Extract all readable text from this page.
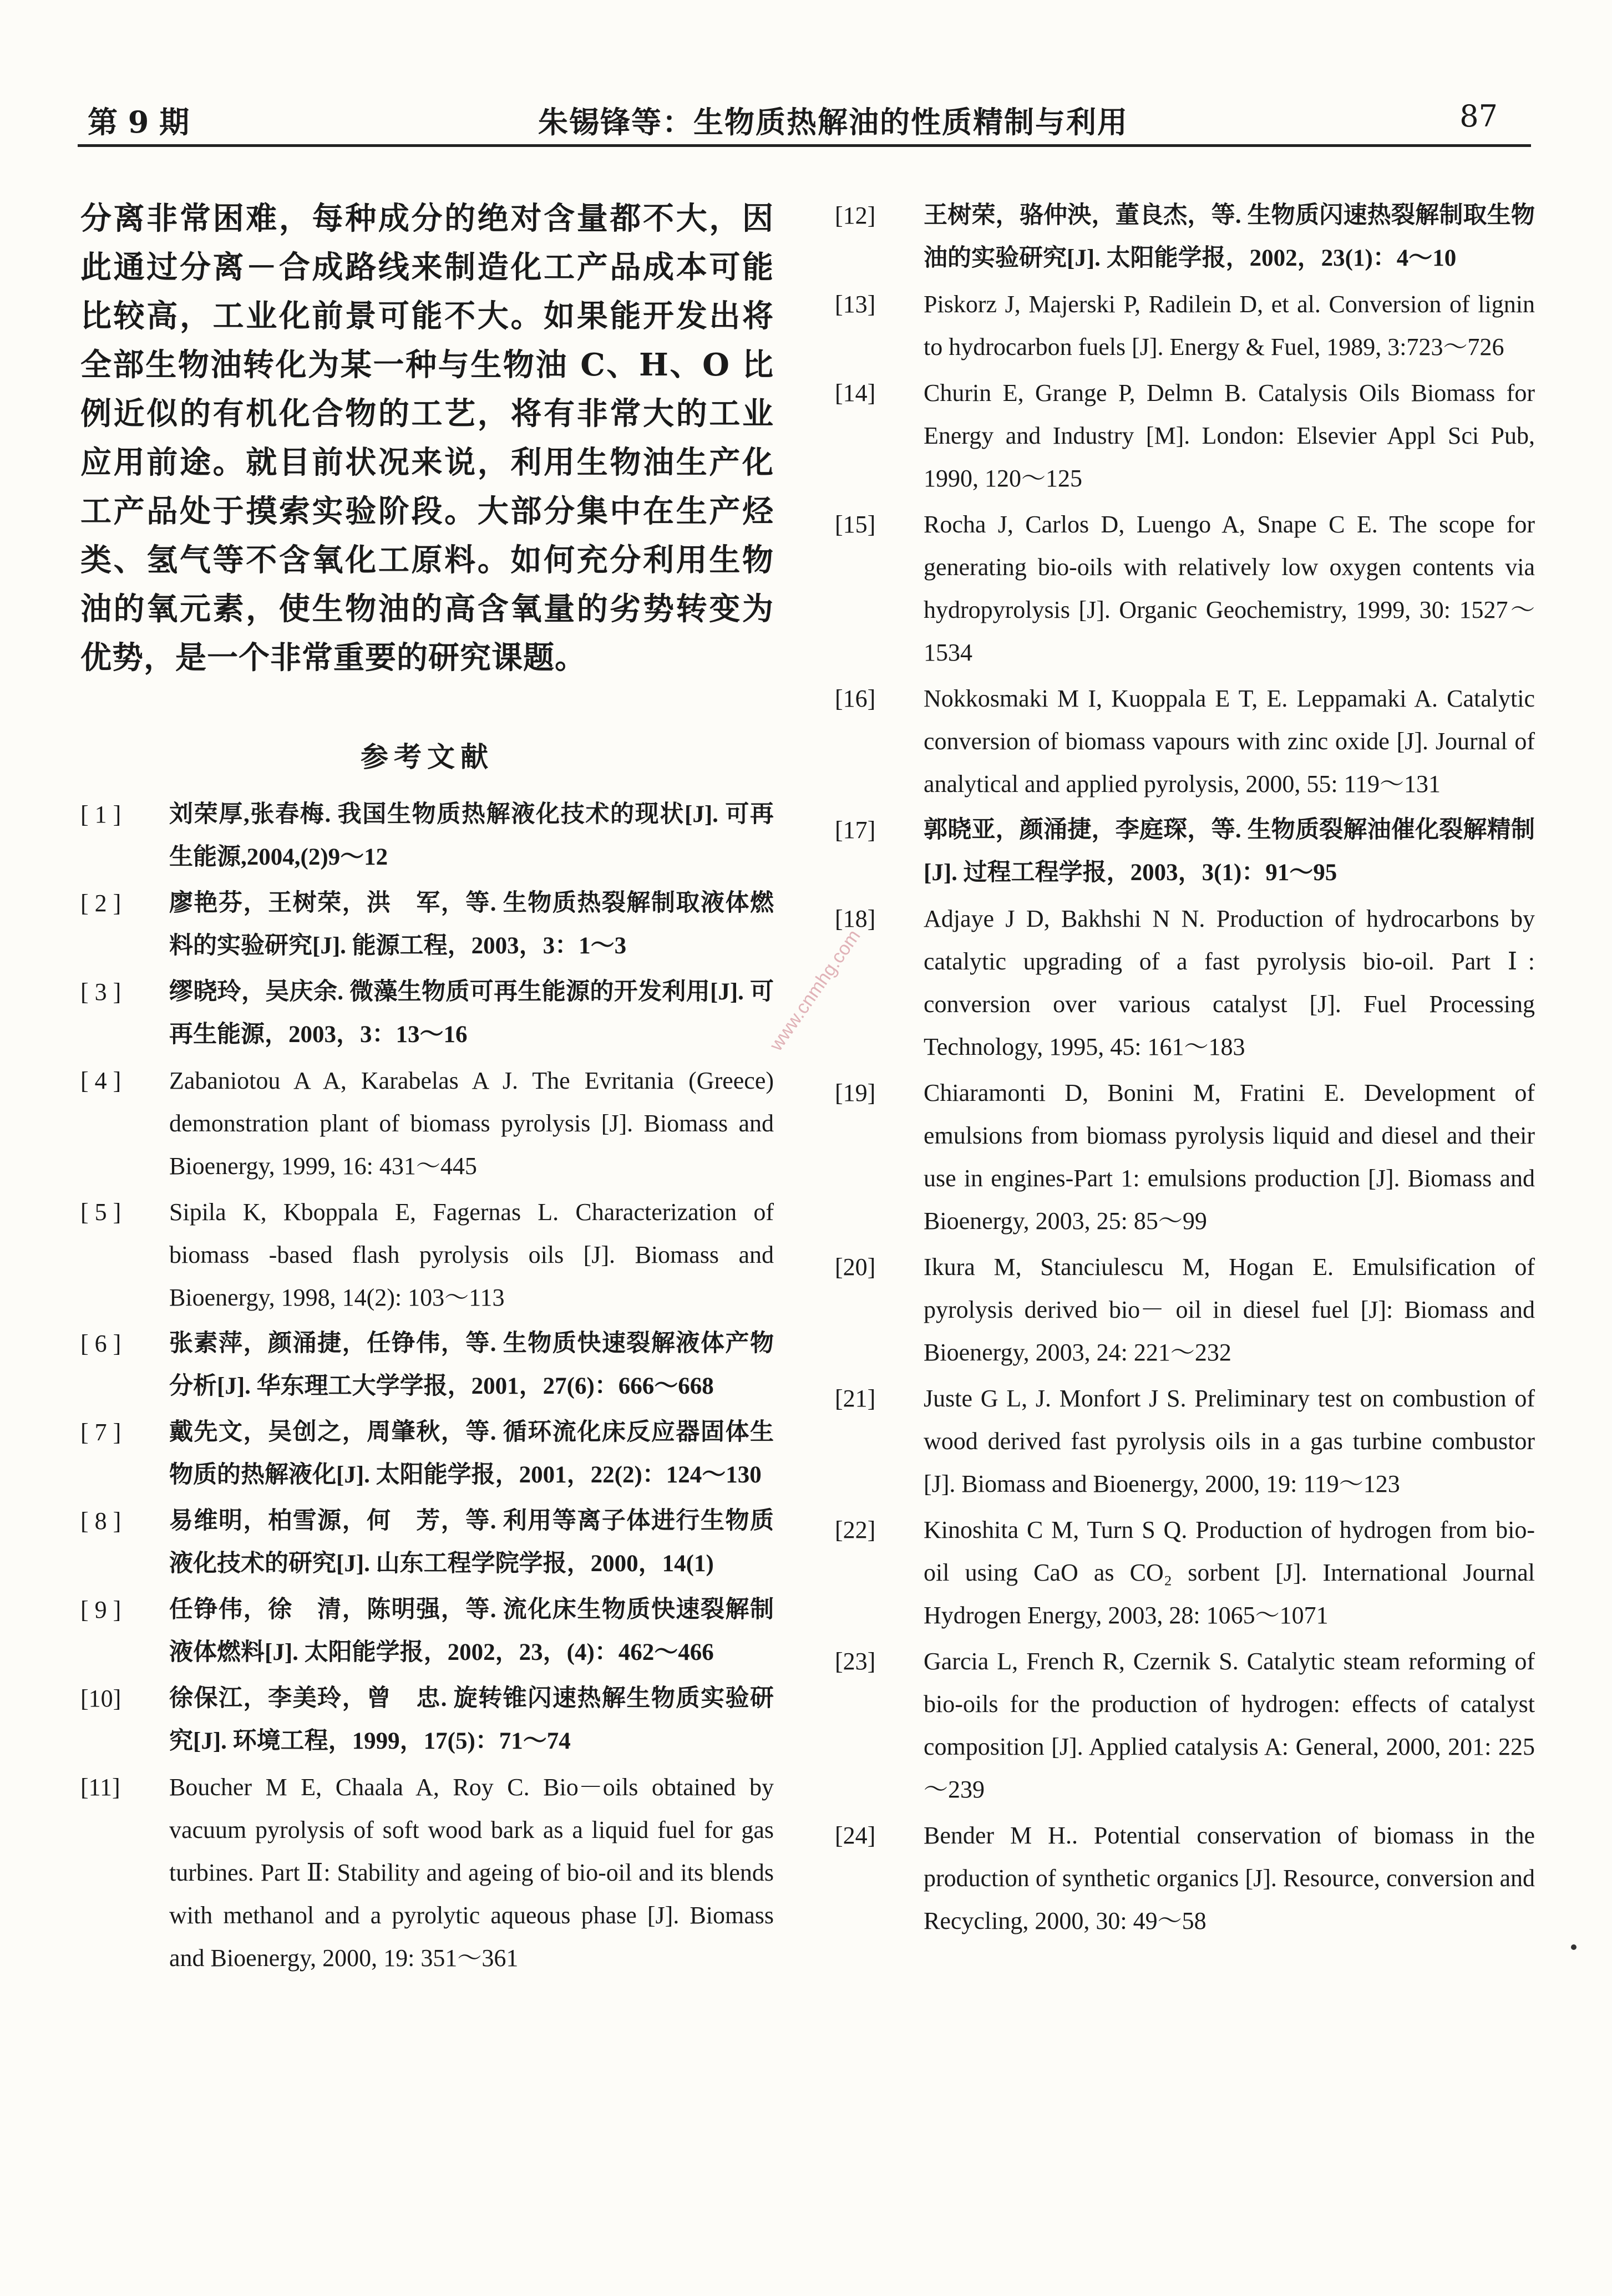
第 9 期	朱锡锋等：生物质热解油的性质精制与利用	87

分离非常困难，每种成分的绝对含量都不大，因此通过分离－合成路线来制造化工产品成本可能比较高，工业化前景可能不大。如果能开发出将全部生物油转化为某一种与生物油 C、H、O 比例近似的有机化合物的工艺，将有非常大的工业应用前途。就目前状况来说，利用生物油生产化工产品处于摸索实验阶段。大部分集中在生产烃类、氢气等不含氧化工原料。如何充分利用生物油的氧元素，使生物油的高含氧量的劣势转变为优势，是一个非常重要的研究课题。

参考文献
[ 1 ]	刘荣厚,张春梅. 我国生物质热解液化技术的现状[J]. 可再生能源,2004,(2)9～12
[ 2 ]	廖艳芬，王树荣，洪　军，等. 生物质热裂解制取液体燃料的实验研究[J]. 能源工程，2003，3：1～3
[ 3 ]	缪晓玲，吴庆余. 微藻生物质可再生能源的开发利用[J]. 可再生能源，2003，3：13～16
[ 4 ]	Zabaniotou A A, Karabelas A J. The Evritania (Greece) demonstration plant of biomass pyrolysis [J]. Biomass and Bioenergy, 1999, 16: 431～445
[ 5 ]	Sipila K, Kboppala E, Fagernas L. Characterization of biomass -based flash pyrolysis oils [J]. Biomass and Bioenergy, 1998, 14(2): 103～113
[ 6 ]	张素萍，颜涌捷，任铮伟，等. 生物质快速裂解液体产物分析[J]. 华东理工大学学报，2001，27(6)：666～668
[ 7 ]	戴先文，吴创之，周肇秋，等. 循环流化床反应器固体生物质的热解液化[J]. 太阳能学报，2001，22(2)：124～130
[ 8 ]	易维明，柏雪源，何　芳，等. 利用等离子体进行生物质液化技术的研究[J]. 山东工程学院学报，2000，14(1)
[ 9 ]	任铮伟，徐　清，陈明强，等. 流化床生物质快速裂解制液体燃料[J]. 太阳能学报，2002，23，(4)：462～466
[10]	徐保江，李美玲，曾　忠. 旋转锥闪速热解生物质实验研究[J]. 环境工程，1999，17(5)：71～74
[11]	Boucher M E, Chaala A, Roy C. Bio－oils obtained by vacuum pyrolysis of soft wood bark as a liquid fuel for gas turbines. Part Ⅱ: Stability and ageing of bio-oil and its blends with methanol and a pyrolytic aqueous phase [J]. Biomass and Bioenergy, 2000, 19: 351～361
[12]	王树荣，骆仲泱，董良杰，等. 生物质闪速热裂解制取生物油的实验研究[J]. 太阳能学报，2002，23(1)：4～10
[13]	Piskorz J, Majerski P, Radilein D, et al. Conversion of lignin to hydrocarbon fuels [J]. Energy & Fuel, 1989, 3:723～726
[14]	Churin E, Grange P, Delmn B. Catalysis Oils Biomass for Energy and Industry [M]. London: Elsevier Appl Sci Pub, 1990, 120～125
[15]	Rocha J, Carlos D, Luengo A, Snape C E. The scope for generating bio-oils with relatively low oxygen contents via hydropyrolysis [J]. Organic Geochemistry, 1999, 30: 1527～1534
[16]	Nokkosmaki M I, Kuoppala E T, E. Leppamaki A. Catalytic conversion of biomass vapours with zinc oxide [J]. Journal of analytical and applied pyrolysis, 2000, 55: 119～131
[17]	郭晓亚，颜涌捷，李庭琛，等. 生物质裂解油催化裂解精制[J]. 过程工程学报，2003，3(1)：91～95
[18]	Adjaye J D, Bakhshi N N. Production of hydrocarbons by catalytic upgrading of a fast pyrolysis bio-oil. Part Ⅰ: conversion over various catalyst [J]. Fuel Processing Technology, 1995, 45: 161～183
[19]	Chiaramonti D, Bonini M, Fratini E. Development of emulsions from biomass pyrolysis liquid and diesel and their use in engines-Part 1: emulsions production [J]. Biomass and Bioenergy, 2003, 25: 85～99
[20]	Ikura M, Stanciulescu M, Hogan E. Emulsification of pyrolysis derived bio－ oil in diesel fuel [J]: Biomass and Bioenergy, 2003, 24: 221～232
[21]	Juste G L, J. Monfort J S. Preliminary test on combustion of wood derived fast pyrolysis oils in a gas turbine combustor [J]. Biomass and Bioenergy, 2000, 19: 119～123
[22]	Kinoshita C M, Turn S Q. Production of hydrogen from bio-oil using CaO as CO₂ sorbent [J]. International Journal Hydrogen Energy, 2003, 28: 1065～1071
[23]	Garcia L, French R, Czernik S. Catalytic steam reforming of bio-oils for the production of hydrogen: effects of catalyst composition [J]. Applied catalysis A: General, 2000, 201: 225～239
[24]	Bender M H.. Potential conservation of biomass in the production of synthetic organics [J]. Resource, conversion and Recycling, 2000, 30: 49～58
www.cnmhg.com
